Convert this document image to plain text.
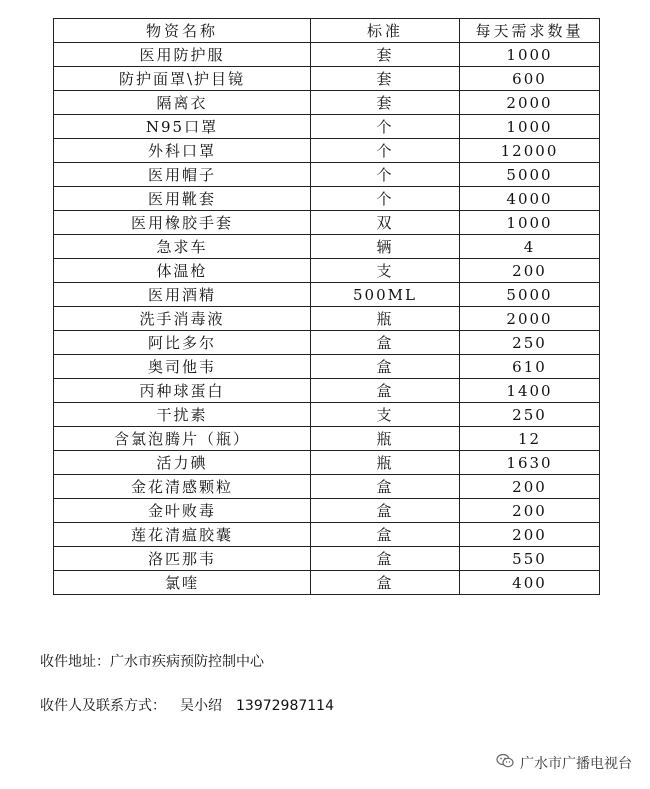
物资名称	标准	每天需求数量
医用防护服	套	1000
防护面罩\护目镜	套	600
隔离衣	套	2000
N95口罩	个	1000
外科口罩	个	12000
医用帽子	个	5000
医用靴套	个	4000
医用橡胶手套	双	1000
急求车	辆	4
体温枪	支	200
医用酒精	500ML	5000
洗手消毒液	瓶	2000
阿比多尔	盒	250
奥司他韦	盒	610
丙种球蛋白	盒	1400
干扰素	支	250
含氯泡腾片（瓶）	瓶	12
活力碘	瓶	1630
金花清感颗粒	盒	200
金叶败毒	盒	200
莲花清瘟胶囊	盒	200
洛匹那韦	盒	550
氯喹	盒	400
收件地址：广水市疾病预防控制中心
收件人及联系方式： 吴小绍 13972987114
广水市广播电视台
